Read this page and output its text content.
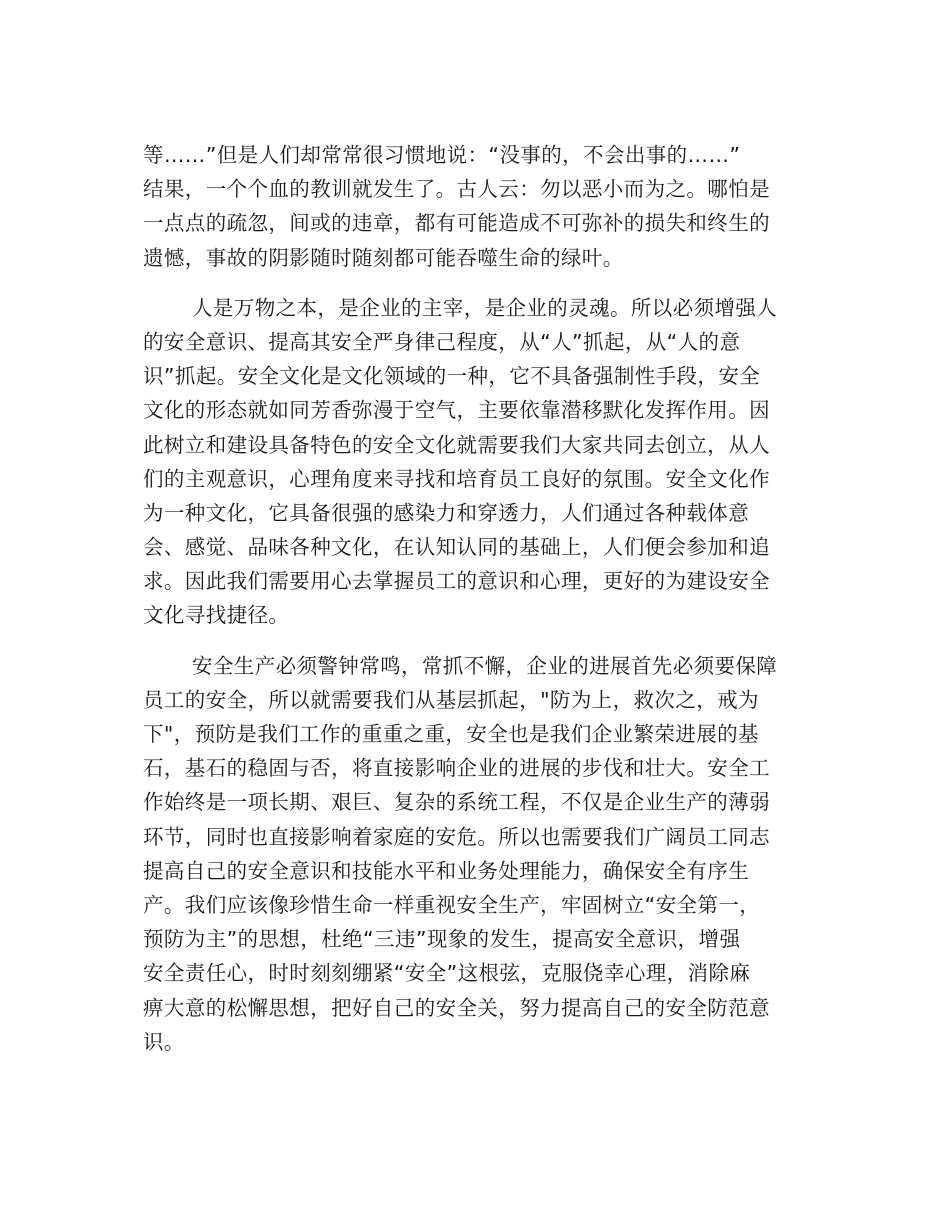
等……”但是人们却常常很习惯地说：“没事的，不会出事的……”
结果，一个个血的教训就发生了。古人云：勿以恶小而为之。哪怕是
一点点的疏忽，间或的违章，都有可能造成不可弥补的损失和终生的
遗憾，事故的阴影随时随刻都可能吞噬生命的绿叶。
人是万物之本，是企业的主宰，是企业的灵魂。所以必须增强人
的安全意识、提高其安全严身律己程度，从“人”抓起，从“人的意
识”抓起。安全文化是文化领域的一种，它不具备强制性手段，安全
文化的形态就如同芳香弥漫于空气，主要依靠潜移默化发挥作用。因
此树立和建设具备特色的安全文化就需要我们大家共同去创立，从人
们的主观意识，心理角度来寻找和培育员工良好的氛围。安全文化作
为一种文化，它具备很强的感染力和穿透力，人们通过各种载体意
会、感觉、品味各种文化，在认知认同的基础上，人们便会参加和追
求。因此我们需要用心去掌握员工的意识和心理，更好的为建设安全
文化寻找捷径。
安全生产必须警钟常鸣，常抓不懈，企业的进展首先必须要保障
员工的安全，所以就需要我们从基层抓起，"防为上，救次之，戒为
下"，预防是我们工作的重重之重，安全也是我们企业繁荣进展的基
石，基石的稳固与否，将直接影响企业的进展的步伐和壮大。安全工
作始终是一项长期、艰巨、复杂的系统工程，不仅是企业生产的薄弱
环节，同时也直接影响着家庭的安危。所以也需要我们广阔员工同志
提高自己的安全意识和技能水平和业务处理能力，确保安全有序生
产。我们应该像珍惜生命一样重视安全生产，牢固树立“安全第一，
预防为主”的思想，杜绝“三违”现象的发生，提高安全意识，增强
安全责任心，时时刻刻绷紧“安全”这根弦，克服侥幸心理，消除麻
痹大意的松懈思想，把好自己的安全关，努力提高自己的安全防范意
识。
